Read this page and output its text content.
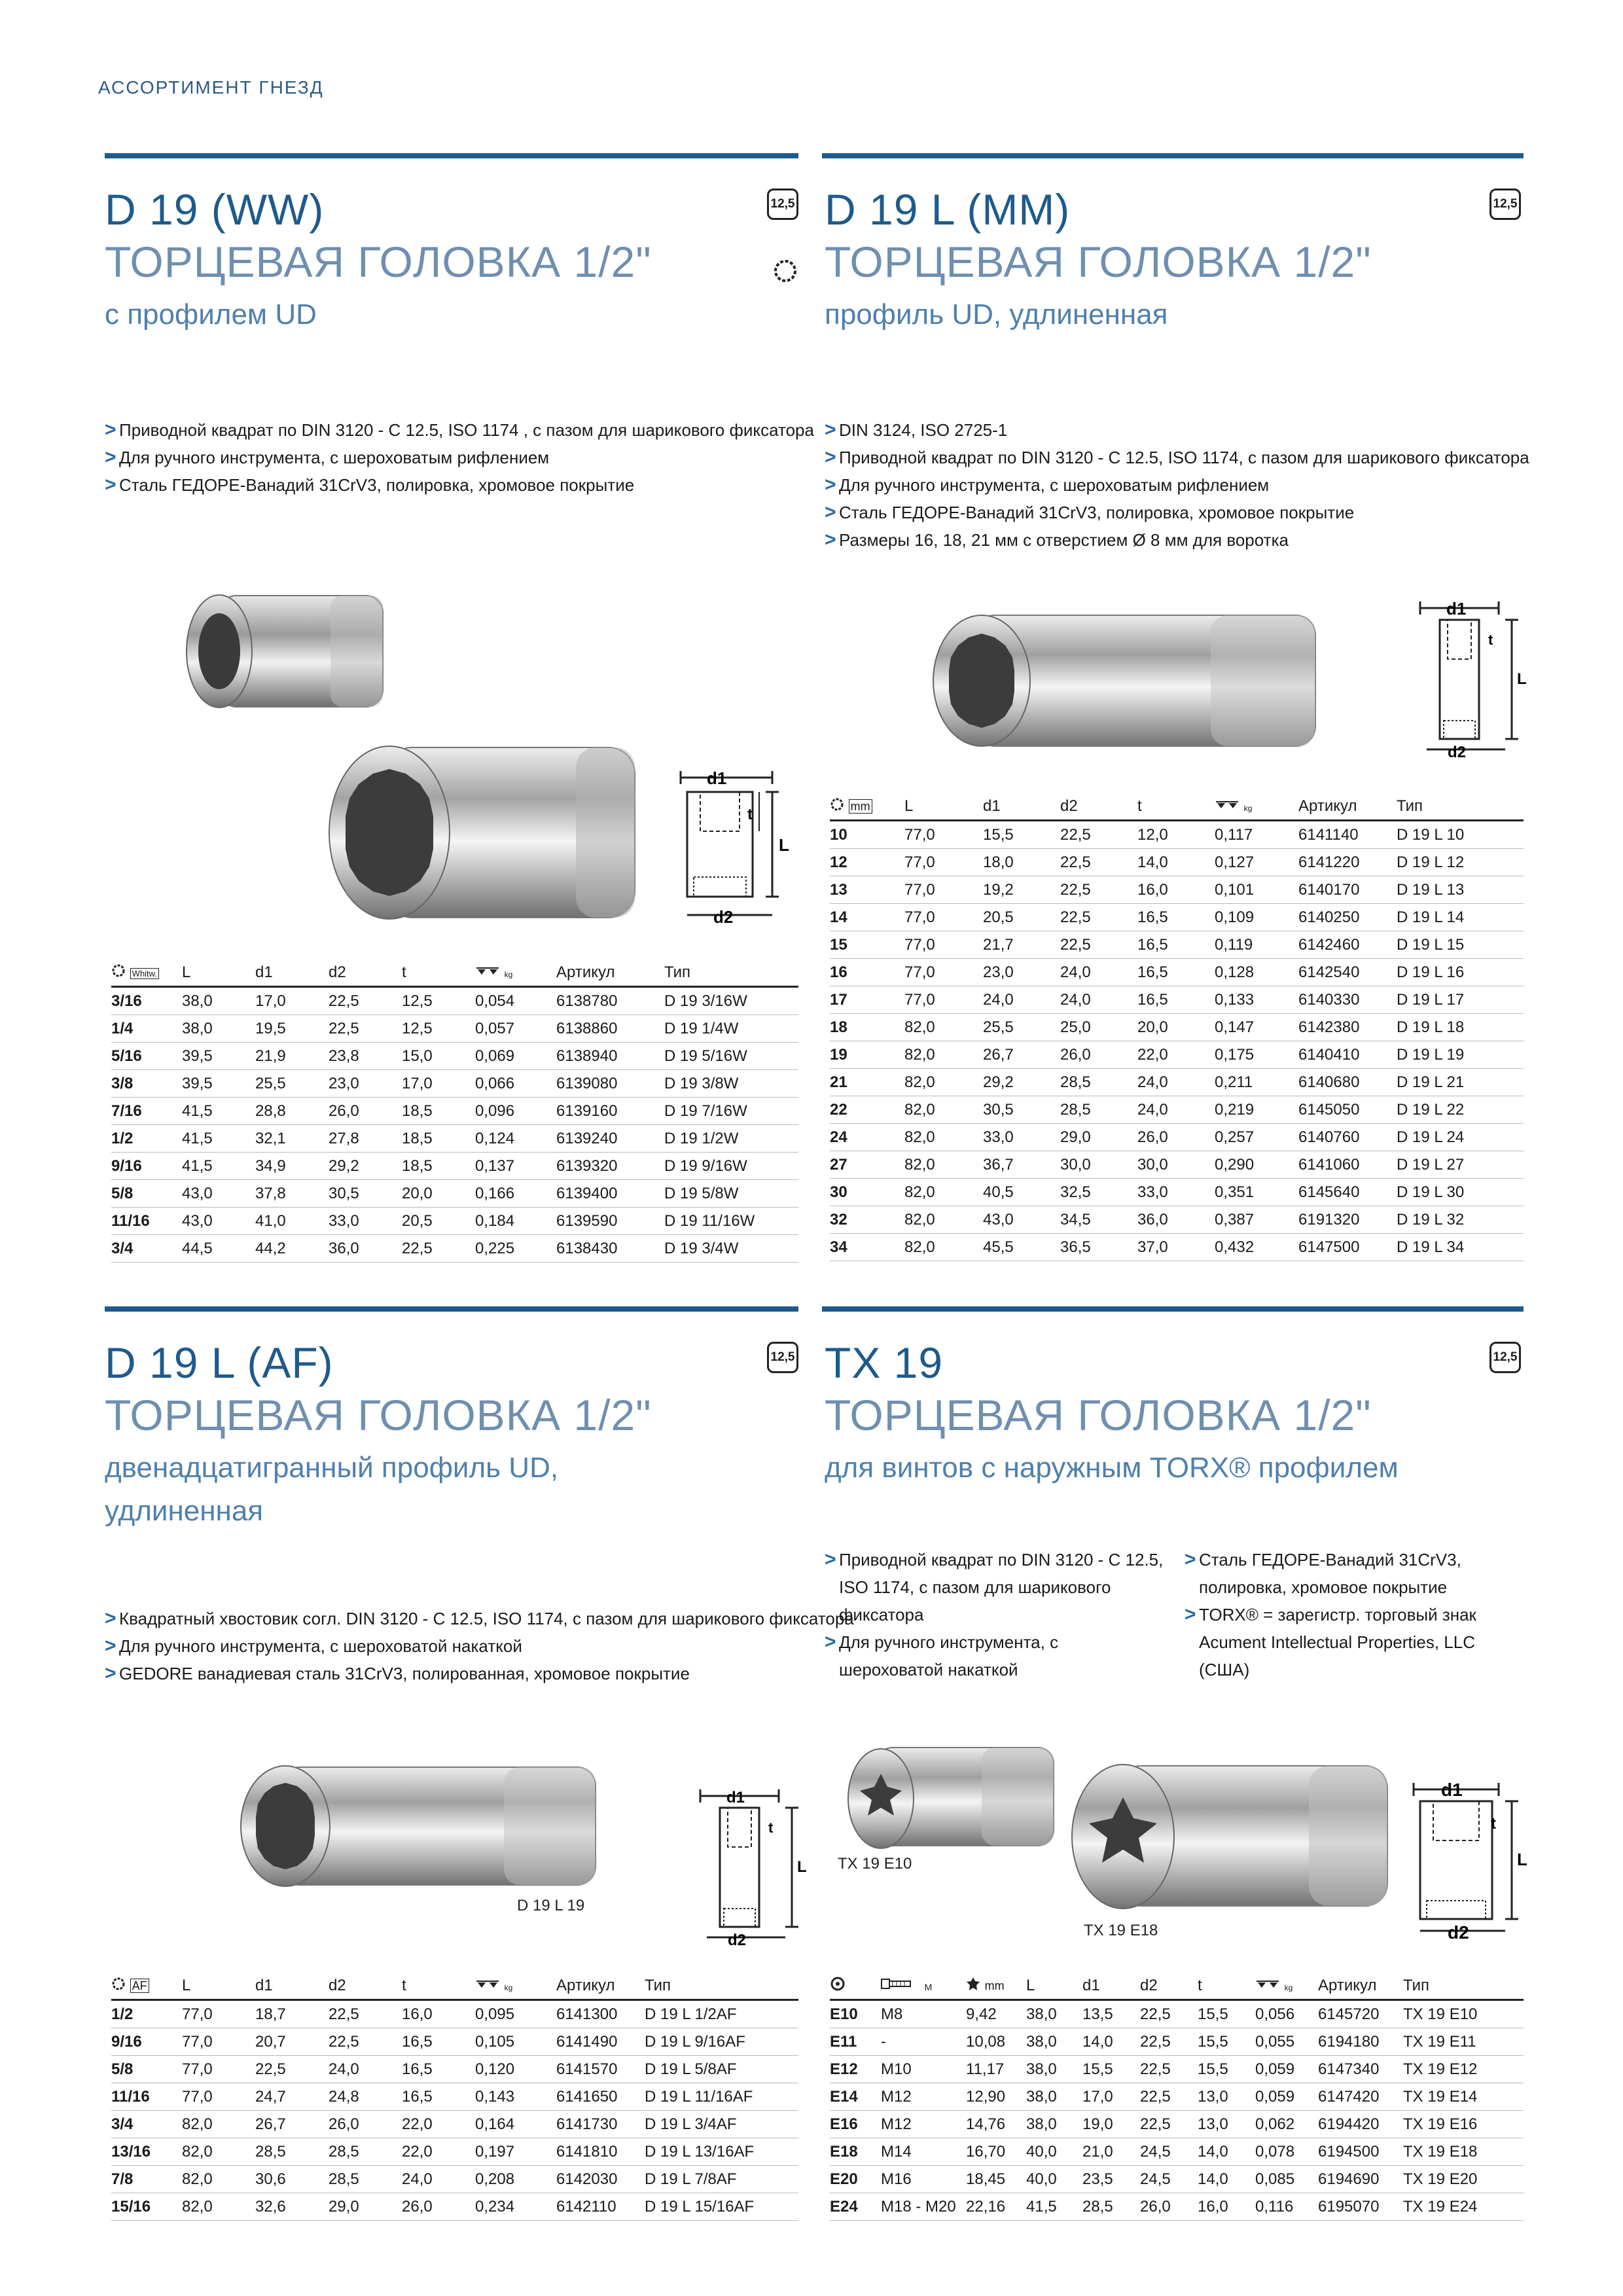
АССОРТИМЕНТ ГНЕЗД
D 19 (WW)
ТОРЦЕВАЯ ГОЛОВКА 1/2"
с профилем UD
12,5
> Приводной квадрат по DIN 3120 - C 12.5, ISO 1174 , с пазом для шарикового фиксатора
> Для ручного инструмента, с шероховатым рифлением
> Сталь ГЕДОРЕ-Ванадий 31CrV3, полировка, хромовое покрытие
d1
L
t
d2
Whitw.	L	d1	d2	t	kg	Артикул	Тип
3/16	38,0	17,0	22,5	12,5	0,054	6138780	D 19 3/16W
1/4	38,0	19,5	22,5	12,5	0,057	6138860	D 19 1/4W
5/16	39,5	21,9	23,8	15,0	0,069	6138940	D 19 5/16W
3/8	39,5	25,5	23,0	17,0	0,066	6139080	D 19 3/8W
7/16	41,5	28,8	26,0	18,5	0,096	6139160	D 19 7/16W
1/2	41,5	32,1	27,8	18,5	0,124	6139240	D 19 1/2W
9/16	41,5	34,9	29,2	18,5	0,137	6139320	D 19 9/16W
5/8	43,0	37,8	30,5	20,0	0,166	6139400	D 19 5/8W
11/16	43,0	41,0	33,0	20,5	0,184	6139590	D 19 11/16W
3/4	44,5	44,2	36,0	22,5	0,225	6138430	D 19 3/4W
D 19 L (MM)
ТОРЦЕВАЯ ГОЛОВКА 1/2"
профиль UD, удлиненная
12,5
> DIN 3124, ISO 2725-1
> Приводной квадрат по DIN 3120 - C 12.5, ISO 1174, с пазом для шарикового фиксатора
> Для ручного инструмента, с шероховатым рифлением
> Сталь ГЕДОРЕ-Ванадий 31CrV3, полировка, хромовое покрытие
> Размеры 16, 18, 21 мм с отверстием Ø 8 мм для воротка
d1
L
t
d2
mm	L	d1	d2	t	kg	Артикул	Тип
10	77,0	15,5	22,5	12,0	0,117	6141140	D 19 L 10
12	77,0	18,0	22,5	14,0	0,127	6141220	D 19 L 12
13	77,0	19,2	22,5	16,0	0,101	6140170	D 19 L 13
14	77,0	20,5	22,5	16,5	0,109	6140250	D 19 L 14
15	77,0	21,7	22,5	16,5	0,119	6142460	D 19 L 15
16	77,0	23,0	24,0	16,5	0,128	6142540	D 19 L 16
17	77,0	24,0	24,0	16,5	0,133	6140330	D 19 L 17
18	82,0	25,5	25,0	20,0	0,147	6142380	D 19 L 18
19	82,0	26,7	26,0	22,0	0,175	6140410	D 19 L 19
21	82,0	29,2	28,5	24,0	0,211	6140680	D 19 L 21
22	82,0	30,5	28,5	24,0	0,219	6145050	D 19 L 22
24	82,0	33,0	29,0	26,0	0,257	6140760	D 19 L 24
27	82,0	36,7	30,0	30,0	0,290	6141060	D 19 L 27
30	82,0	40,5	32,5	33,0	0,351	6145640	D 19 L 30
32	82,0	43,0	34,5	36,0	0,387	6191320	D 19 L 32
34	82,0	45,5	36,5	37,0	0,432	6147500	D 19 L 34
D 19 L (AF)
ТОРЦЕВАЯ ГОЛОВКА 1/2"
двенадцатигранный профиль UD,
удлиненная
12,5
> Квадратный хвостовик согл. DIN 3120 - C 12.5, ISO 1174, с пазом для шарикового фиксатора
> Для ручного инструмента, с шероховатой накаткой
> GEDORE ванадиевая сталь 31CrV3, полированная, хромовое покрытие
D 19 L 19
d1
L
t
d2
AF	L	d1	d2	t	kg	Артикул	Тип
1/2	77,0	18,7	22,5	16,0	0,095	6141300	D 19 L 1/2AF
9/16	77,0	20,7	22,5	16,5	0,105	6141490	D 19 L 9/16AF
5/8	77,0	22,5	24,0	16,5	0,120	6141570	D 19 L 5/8AF
11/16	77,0	24,7	24,8	16,5	0,143	6141650	D 19 L 11/16AF
3/4	82,0	26,7	26,0	22,0	0,164	6141730	D 19 L 3/4AF
13/16	82,0	28,5	28,5	22,0	0,197	6141810	D 19 L 13/16AF
7/8	82,0	30,6	28,5	24,0	0,208	6142030	D 19 L 7/8AF
15/16	82,0	32,6	29,0	26,0	0,234	6142110	D 19 L 15/16AF
TX 19
ТОРЦЕВАЯ ГОЛОВКА 1/2"
для винтов с наружным TORX® профилем
12,5
> Приводной квадрат по DIN 3120 - C 12.5, ISO 1174, с пазом для шарикового фиксатора
> Для ручного инструмента, с шероховатой накаткой
> Сталь ГЕДОРЕ-Ванадий 31CrV3, полировка, хромовое покрытие
> TORX® = зарегистр. торговый знак Acument Intellectual Properties, LLC (США)
TX 19 E10
TX 19 E18
d1
L
t
d2
	M	mm	L	d1	d2	t	kg	Артикул	Тип
E10	M8	9,42	38,0	13,5	22,5	15,5	0,056	6145720	TX 19 E10
E11	-	10,08	38,0	14,0	22,5	15,5	0,055	6194180	TX 19 E11
E12	M10	11,17	38,0	15,5	22,5	15,5	0,059	6147340	TX 19 E12
E14	M12	12,90	38,0	17,0	22,5	13,0	0,059	6147420	TX 19 E14
E16	M12	14,76	38,0	19,0	22,5	13,0	0,062	6194420	TX 19 E16
E18	M14	16,70	40,0	21,0	24,5	14,0	0,078	6194500	TX 19 E18
E20	M16	18,45	40,0	23,5	24,5	14,0	0,085	6194690	TX 19 E20
E24	M18 - M20	22,16	41,5	28,5	26,0	16,0	0,116	6195070	TX 19 E24
